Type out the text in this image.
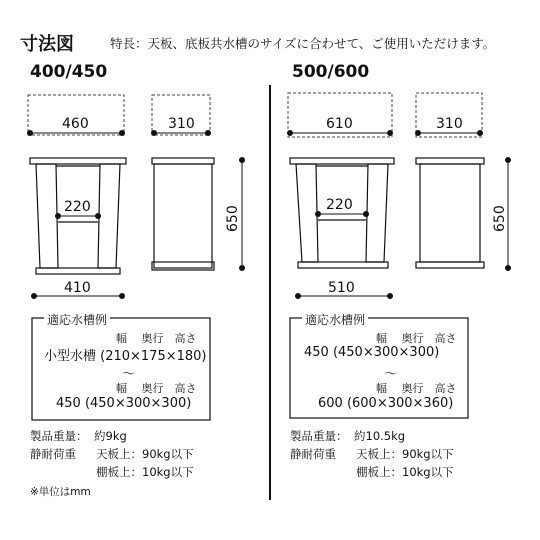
寸法図	特長：天板、底板共水槽のサイズに合わせて、ご使用いただけます。
400/450	500/600
460	310
220
410
650
610	310
220
510
650
適応水槽例
幅　 奥行　高さ
小型水槽 (210×175×180)
～
幅　 奥行　高さ
450 (450×300×300)
製品重量： 約9kg
静耐荷重 天板上：90kg以下
棚板上：10kg以下
※単位はmm
適応水槽例
幅　 奥行　高さ
450 (450×300×300)
～
幅　 奥行　高さ
600 (600×300×360)
製品重量： 約10.5kg
静耐荷重 天板上：90kg以下
棚板上：10kg以下
